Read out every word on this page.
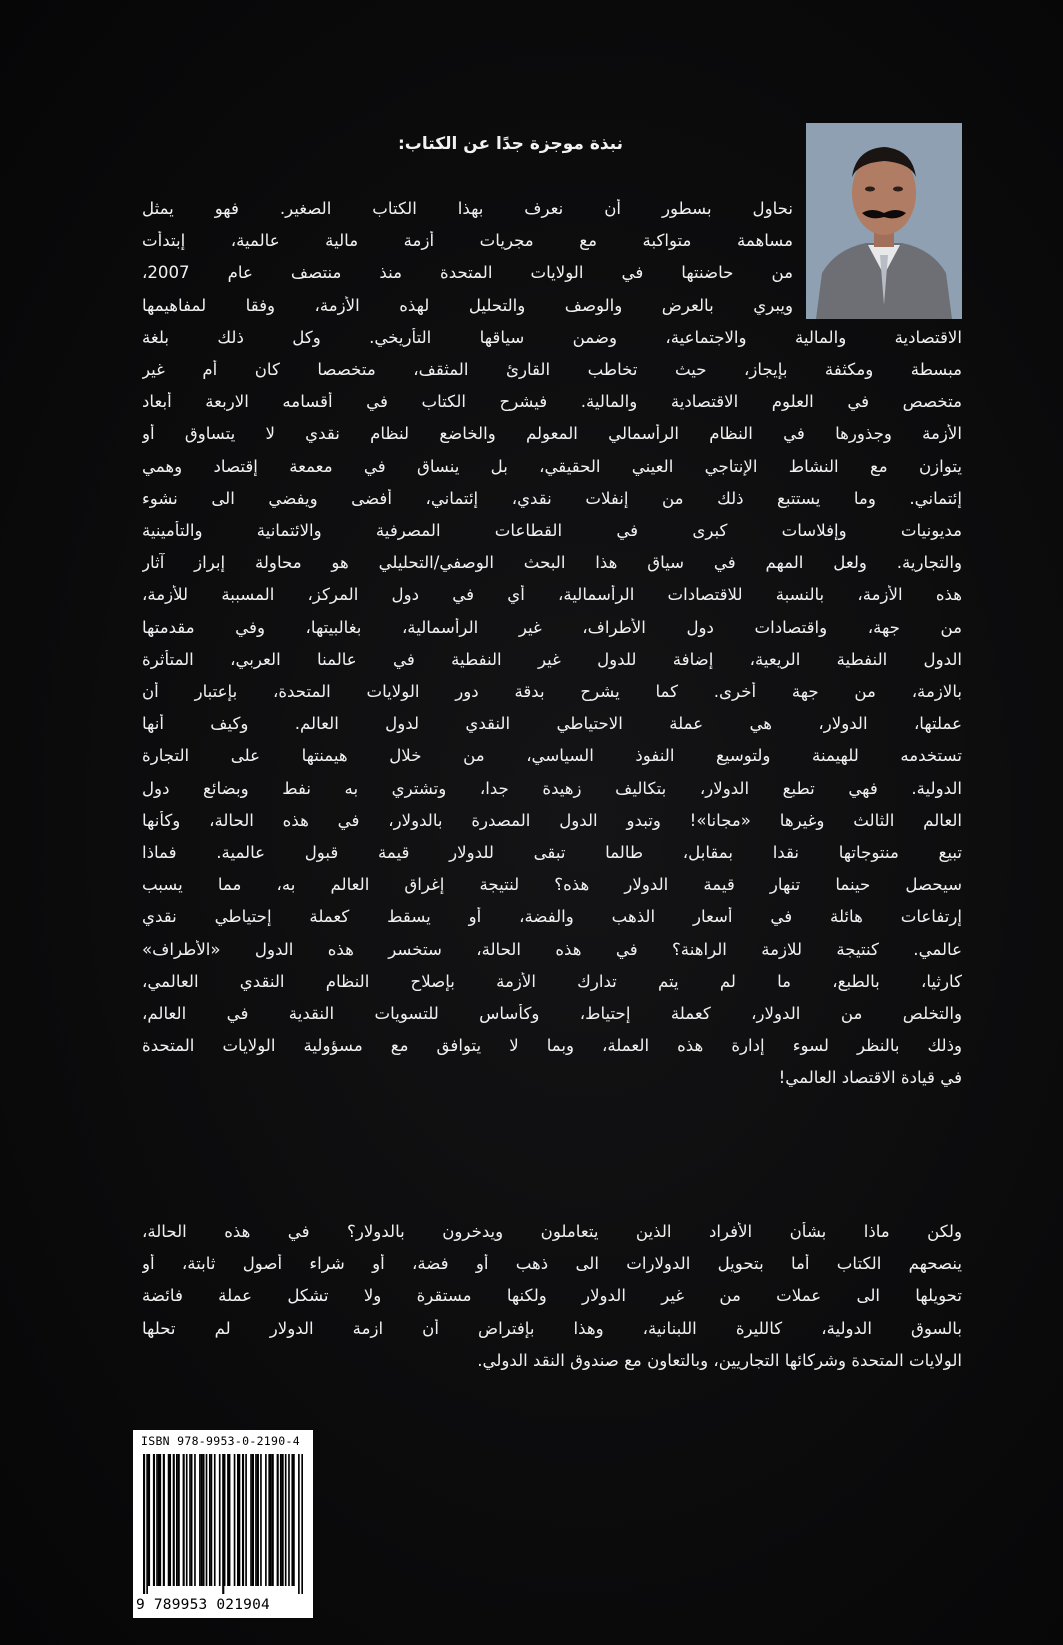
نبذة موجزة جدًا عن الكتاب:
نحاول بسطور أن نعرف بهذا الكتاب الصغير. فهو يمثل
مساهمة متواكبة مع مجريات أزمة مالية عالمية، إبتدأت
من حاضنتها في الولايات المتحدة منذ منتصف عام 2007،
ويبري بالعرض والوصف والتحليل لهذه الأزمة، وفقا لمفاهيمها
الاقتصادية والمالية والاجتماعية، وضمن سياقها التأريخي. وكل ذلك بلغة
مبسطة ومكثفة بإيجاز، حيث تخاطب القارئ المثقف، متخصصا كان أم غير
متخصص في العلوم الاقتصادية والمالية. فيشرح الكتاب في أقسامه الاربعة أبعاد
الأزمة وجذورها في النظام الرأسمالي المعولم والخاضع لنظام نقدي لا يتساوق أو
يتوازن مع النشاط الإنتاجي العيني الحقيقي، بل ينساق في معمعة إقتصاد وهمي
إئتماني. وما يستتبع ذلك من إنفلات نقدي، إئتماني، أفضى ويفضي الى نشوء
مديونيات وإفلاسات كبرى في القطاعات المصرفية والائتمانية والتأمينية
والتجارية. ولعل المهم في سياق هذا البحث الوصفي/التحليلي هو محاولة إبراز آثار
هذه الأزمة، بالنسبة للاقتصادات الرأسمالية، أي في دول المركز، المسببة للأزمة،
من جهة، واقتصادات دول الأطراف، غير الرأسمالية، بغالبيتها، وفي مقدمتها
الدول النفطية الريعية، إضافة للدول غير النفطية في عالمنا العربي، المتأثرة
بالازمة، من جهة أخرى. كما يشرح بدقة دور الولايات المتحدة، بإعتبار أن
عملتها، الدولار، هي عملة الاحتياطي النقدي لدول العالم. وكيف أنها
تستخدمه للهيمنة ولتوسيع النفوذ السياسي، من خلال هيمنتها على التجارة
الدولية. فهي تطبع الدولار، بتكاليف زهيدة جدا، وتشتري به نفط وبضائع دول
العالم الثالث وغيرها «مجانا»! وتبدو الدول المصدرة بالدولار، في هذه الحالة، وكأنها
تبيع منتوجاتها نقدا بمقابل، طالما تبقى للدولار قيمة قبول عالمية. فماذا
سيحصل حينما تنهار قيمة الدولار هذه؟ لنتيجة إغراق العالم به، مما يسبب
إرتفاعات هائلة في أسعار الذهب والفضة، أو يسقط كعملة إحتياطي نقدي
عالمي. كنتيجة للازمة الراهنة؟ في هذه الحالة، ستخسر هذه الدول «الأطراف»
كارثيا، بالطبع، ما لم يتم تدارك الأزمة بإصلاح النظام النقدي العالمي،
والتخلص من الدولار، كعملة إحتياط، وكأساس للتسويات النقدية في العالم،
وذلك بالنظر لسوء إدارة هذه العملة، وبما لا يتوافق مع مسؤولية الولايات المتحدة
في قيادة الاقتصاد العالمي!
ولكن ماذا بشأن الأفراد الذين يتعاملون ويدخرون بالدولار؟ في هذه الحالة،
ينصحهم الكتاب أما بتحويل الدولارات الى ذهب أو فضة، أو شراء أصول ثابتة، أو
تحويلها الى عملات من غير الدولار ولكنها مستقرة ولا تشكل عملة فائضة
بالسوق الدولية، كالليرة اللبنانية، وهذا بإفتراض أن ازمة الدولار لم تحلها
الولايات المتحدة وشركائها التجاريين، وبالتعاون مع صندوق النقد الدولي.
ISBN 978-9953-0-2190-4
9 789953 021904
